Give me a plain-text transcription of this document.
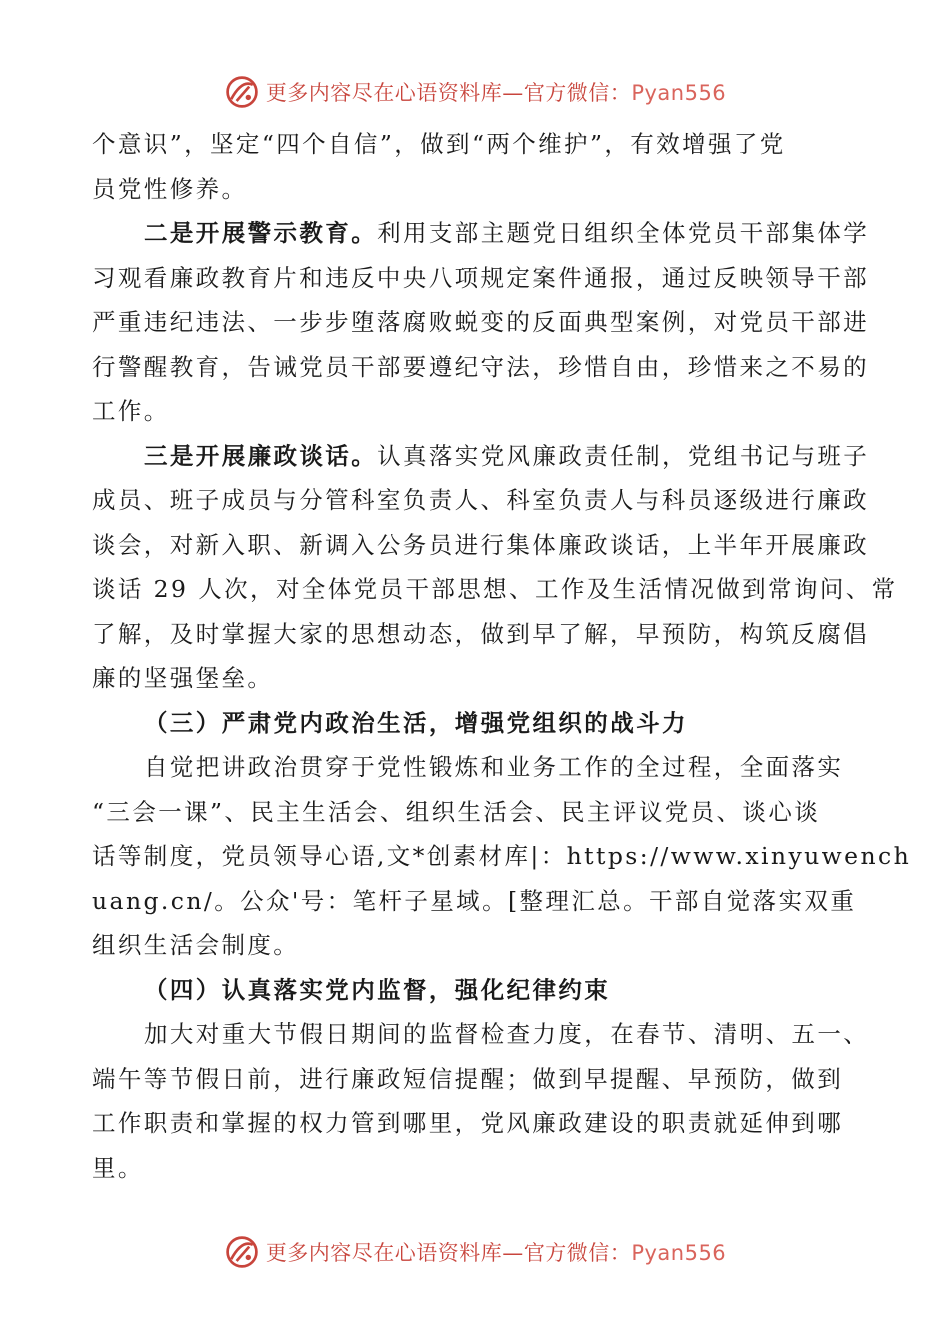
更多内容尽在心语资料库—官方微信：Pyan556
个意识”，坚定“四个自信”，做到“两个维护”，有效增强了党
员党性修养。
二是开展警示教育。利用支部主题党日组织全体党员干部集体学
习观看廉政教育片和违反中央八项规定案件通报，通过反映领导干部
严重违纪违法、一步步堕落腐败蜕变的反面典型案例，对党员干部进
行警醒教育，告诫党员干部要遵纪守法，珍惜自由，珍惜来之不易的
工作。
三是开展廉政谈话。认真落实党风廉政责任制，党组书记与班子
成员、班子成员与分管科室负责人、科室负责人与科员逐级进行廉政
谈会，对新入职、新调入公务员进行集体廉政谈话，上半年开展廉政
谈话 29 人次，对全体党员干部思想、工作及生活情况做到常询问、常
了解，及时掌握大家的思想动态，做到早了解，早预防，构筑反腐倡
廉的坚强堡垒。
（三）严肃党内政治生活，增强党组织的战斗力
自觉把讲政治贯穿于党性锻炼和业务工作的全过程，全面落实
“三会一课”、民主生活会、组织生活会、民主评议党员、谈心谈
话等制度，党员领导心语,文*创素材库|：https://www.xinyuwench
uang.cn/。公众'号：笔杆子星域。[整理汇总。干部自觉落实双重
组织生活会制度。
（四）认真落实党内监督，强化纪律约束
加大对重大节假日期间的监督检查力度，在春节、清明、五一、
端午等节假日前，进行廉政短信提醒；做到早提醒、早预防，做到
工作职责和掌握的权力管到哪里，党风廉政建设的职责就延伸到哪
里。
更多内容尽在心语资料库—官方微信：Pyan556
